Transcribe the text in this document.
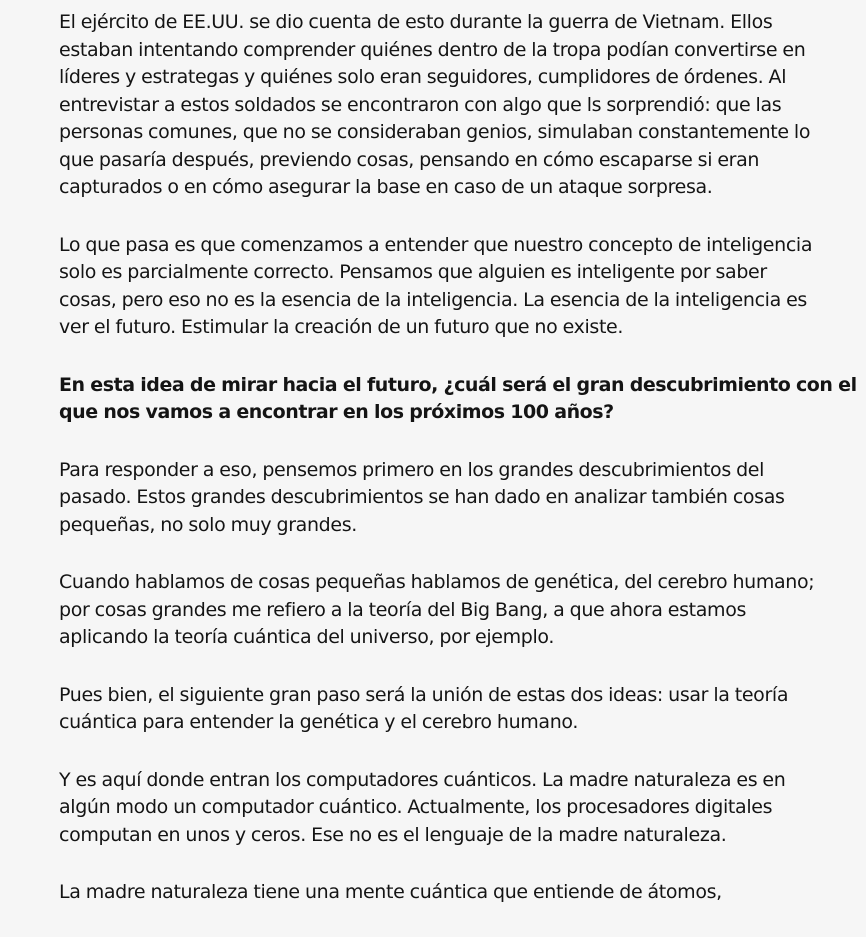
El ejército de EE.UU. se dio cuenta de esto durante la guerra de Vietnam. Ellos
estaban intentando comprender quiénes dentro de la tropa podían convertirse en
líderes y estrategas y quiénes solo eran seguidores, cumplidores de órdenes. Al
entrevistar a estos soldados se encontraron con algo que ls sorprendió: que las
personas comunes, que no se consideraban genios, simulaban constantemente lo
que pasaría después, previendo cosas, pensando en cómo escaparse si eran
capturados o en cómo asegurar la base en caso de un ataque sorpresa.

Lo que pasa es que comenzamos a entender que nuestro concepto de inteligencia
solo es parcialmente correcto. Pensamos que alguien es inteligente por saber
cosas, pero eso no es la esencia de la inteligencia. La esencia de la inteligencia es
ver el futuro. Estimular la creación de un futuro que no existe.

En esta idea de mirar hacia el futuro, ¿cuál será el gran descubrimiento con el
que nos vamos a encontrar en los próximos 100 años?

Para responder a eso, pensemos primero en los grandes descubrimientos del
pasado. Estos grandes descubrimientos se han dado en analizar también cosas
pequeñas, no solo muy grandes.

Cuando hablamos de cosas pequeñas hablamos de genética, del cerebro humano;
por cosas grandes me refiero a la teoría del Big Bang, a que ahora estamos
aplicando la teoría cuántica del universo, por ejemplo.

Pues bien, el siguiente gran paso será la unión de estas dos ideas: usar la teoría
cuántica para entender la genética y el cerebro humano.

Y es aquí donde entran los computadores cuánticos. La madre naturaleza es en
algún modo un computador cuántico. Actualmente, los procesadores digitales
computan en unos y ceros. Ese no es el lenguaje de la madre naturaleza.

La madre naturaleza tiene una mente cuántica que entiende de átomos,
